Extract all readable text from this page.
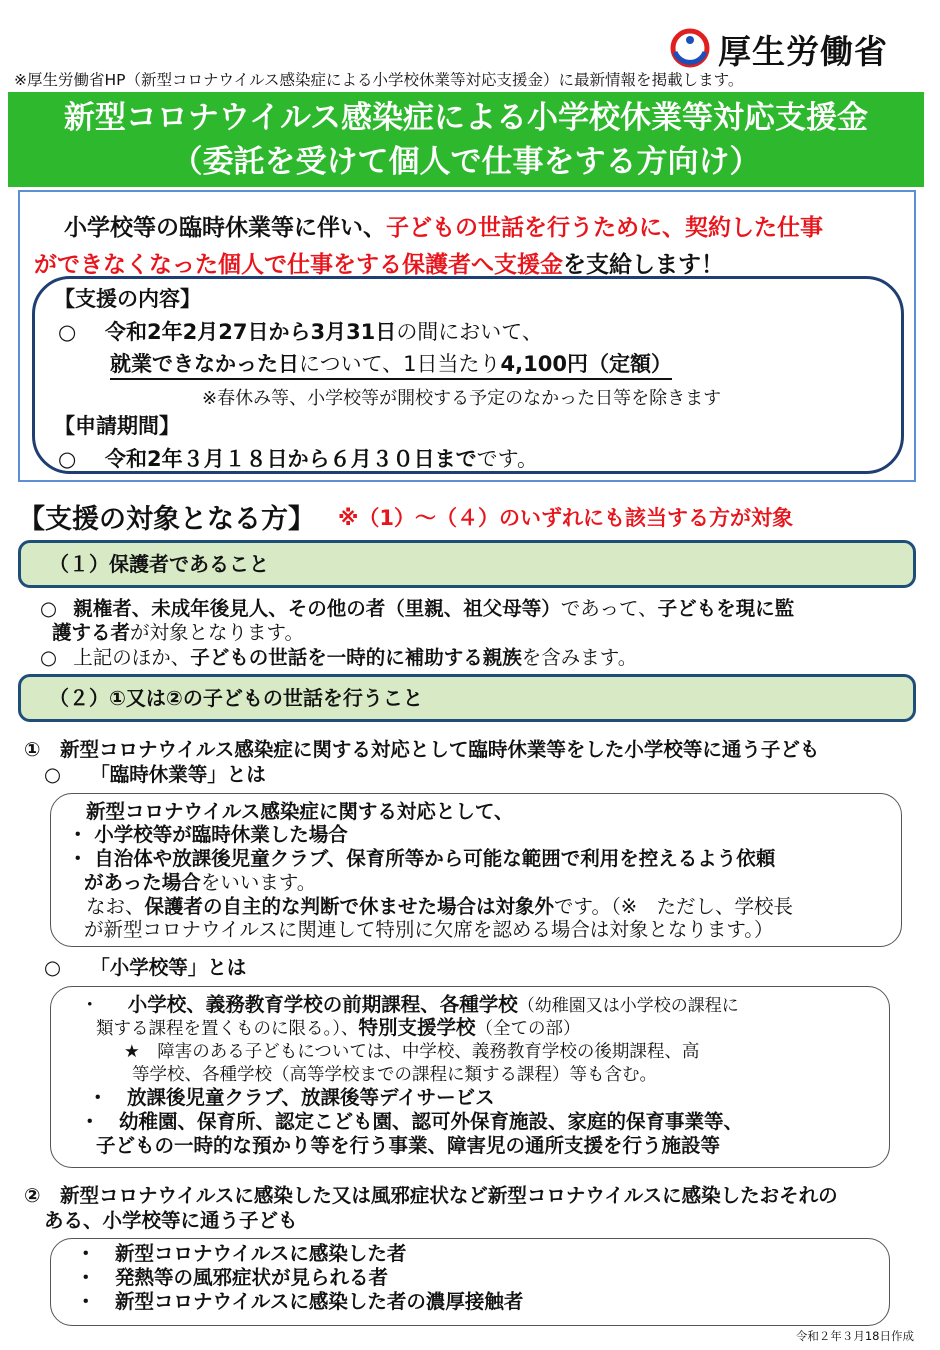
厚生労働省
※厚生労働省HP（新型コロナウイルス感染症による小学校休業等対応支援金）に最新情報を掲載します。
新型コロナウイルス感染症による小学校休業等対応支援金
（委託を受けて個人で仕事をする方向け）
小学校等の臨時休業等に伴い、子どもの世話を行うために、契約した仕事
ができなくなった個人で仕事をする保護者へ支援金を支給します！
【支援の内容】
○ 令和2年2月27日から3月31日の間において、
就業できなかった日について、1日当たり4,100円（定額）
※春休み等、小学校等が開校する予定のなかった日等を除きます
【申請期間】
○ 令和2年３月１８日から６月３０日までです。
【支援の対象となる方】 ※（1）～（４）のいずれにも該当する方が対象
（１）保護者であること
○ 親権者、未成年後見人、その他の者（里親、祖父母等）であって、子どもを現に監
護する者が対象となります。
○ 上記のほか、子どもの世話を一時的に補助する親族を含みます。
（２）①又は②の子どもの世話を行うこと
①　新型コロナウイルス感染症に関する対応として臨時休業等をした小学校等に通う子ども
○　　「臨時休業等」とは
新型コロナウイルス感染症に関する対応として、
・ 小学校等が臨時休業した場合
・ 自治体や放課後児童クラブ、保育所等から可能な範囲で利用を控えるよう依頼
があった場合をいいます。
なお、保護者の自主的な判断で休ませた場合は対象外です。（※　ただし、学校長
が新型コロナウイルスに関連して特別に欠席を認める場合は対象となります。）
○　　「小学校等」とは
・ 小学校、義務教育学校の前期課程、各種学校（幼稚園又は小学校の課程に
類する課程を置くものに限る。）、特別支援学校（全ての部）
★　障害のある子どもについては、中学校、義務教育学校の後期課程、高
等学校、各種学校（高等学校までの課程に類する課程）等も含む。
・　放課後児童クラブ、放課後等デイサービス
・　幼稚園、保育所、認定こども園、認可外保育施設、家庭的保育事業等、
子どもの一時的な預かり等を行う事業、障害児の通所支援を行う施設等
②　新型コロナウイルスに感染した又は風邪症状など新型コロナウイルスに感染したおそれの
ある、小学校等に通う子ども
・　新型コロナウイルスに感染した者
・　発熱等の風邪症状が見られる者
・　新型コロナウイルスに感染した者の濃厚接触者
令和２年３月18日作成
